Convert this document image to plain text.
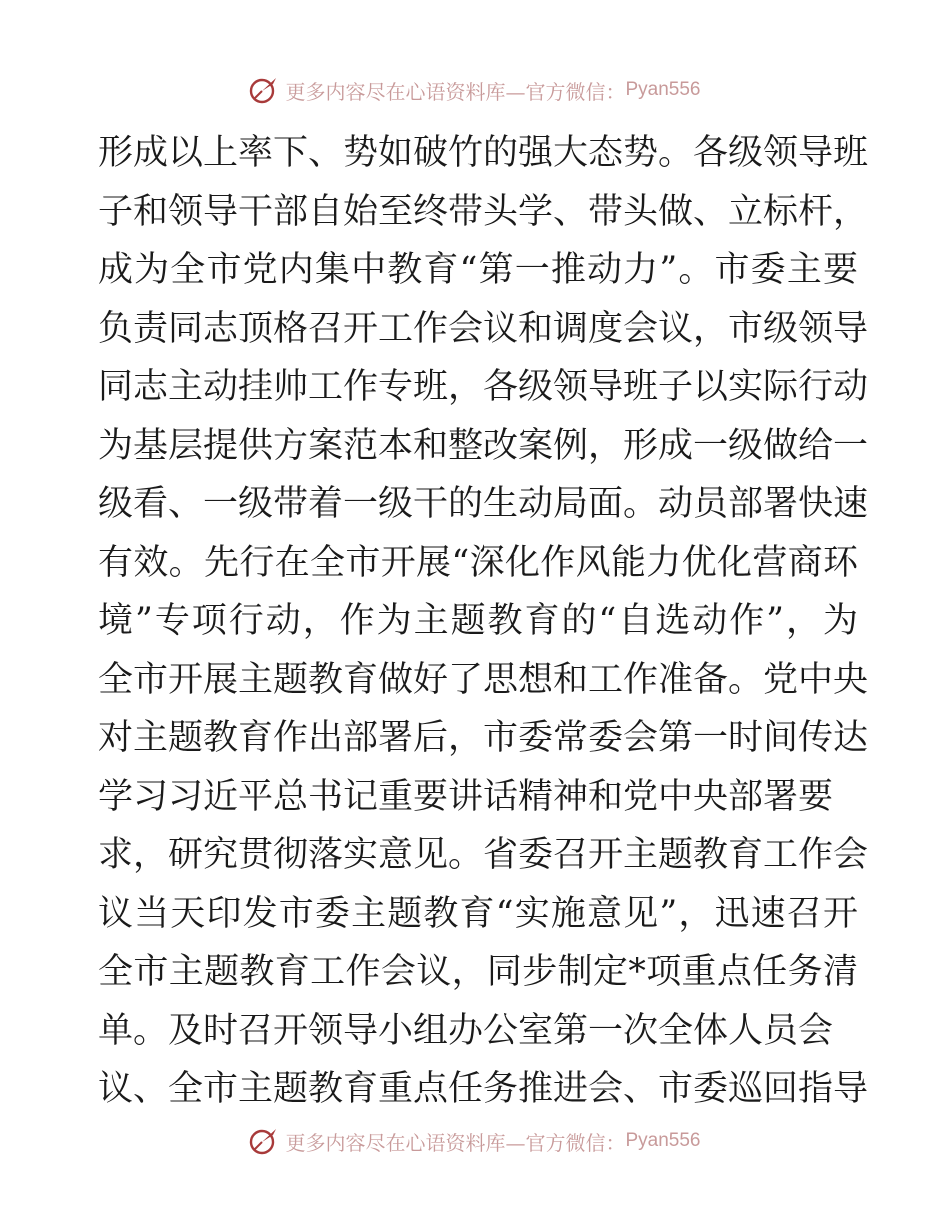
更多内容尽在心语资料库—官方微信： Pyan556
形成以上率下、势如破竹的强大态势。各级领导班
子和领导干部自始至终带头学、带头做、立标杆，
成为全市党内集中教育“第一推动力”。市委主要
负责同志顶格召开工作会议和调度会议，市级领导
同志主动挂帅工作专班，各级领导班子以实际行动
为基层提供方案范本和整改案例，形成一级做给一
级看、一级带着一级干的生动局面。动员部署快速
有效。先行在全市开展“深化作风能力优化营商环
境”专项行动，作为主题教育的“自选动作”，为
全市开展主题教育做好了思想和工作准备。党中央
对主题教育作出部署后，市委常委会第一时间传达
学习习近平总书记重要讲话精神和党中央部署要
求，研究贯彻落实意见。省委召开主题教育工作会
议当天印发市委主题教育“实施意见”，迅速召开
全市主题教育工作会议，同步制定*项重点任务清
单。及时召开领导小组办公室第一次全体人员会
议、全市主题教育重点任务推进会、市委巡回指导
更多内容尽在心语资料库—官方微信： Pyan556
